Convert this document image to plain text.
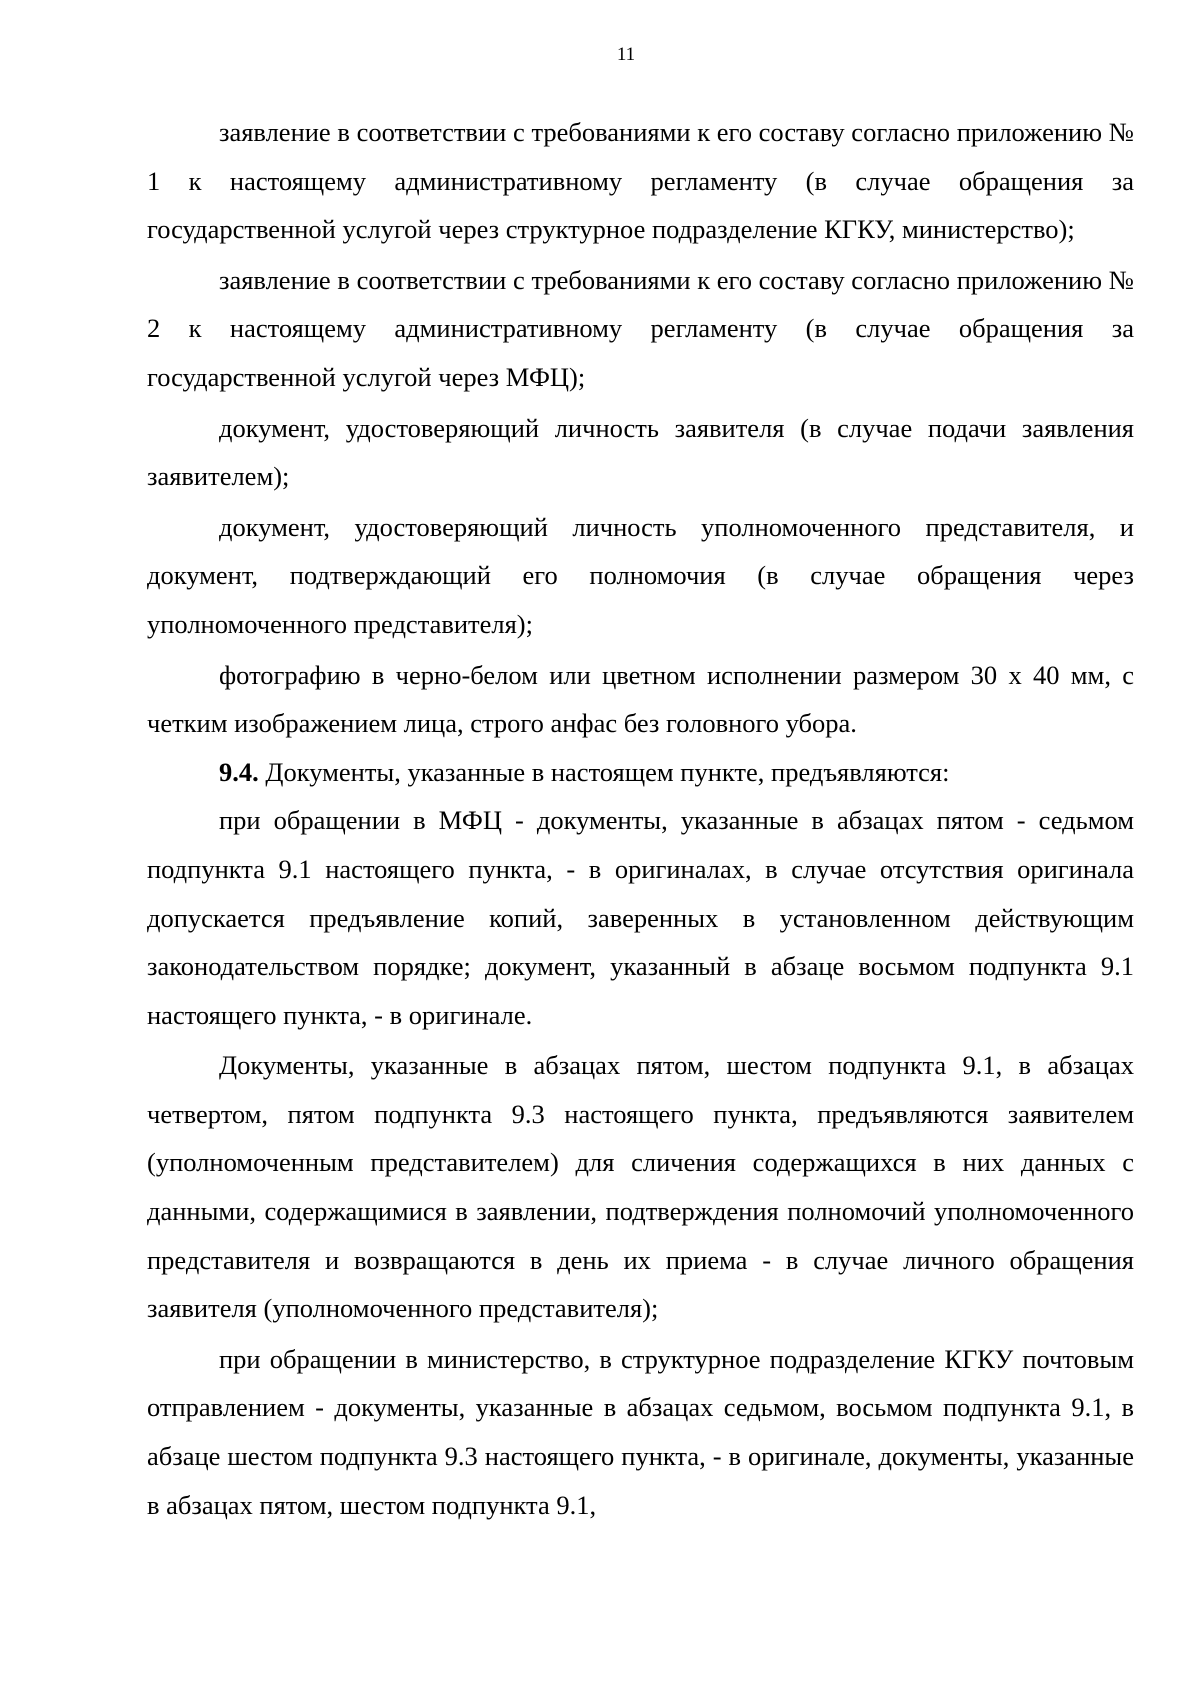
11

заявление в соответствии с требованиями к его составу согласно приложению № 1 к настоящему административному регламенту (в случае обращения за государственной услугой через структурное подразделение КГКУ, министерство);

заявление в соответствии с требованиями к его составу согласно приложению № 2 к настоящему административному регламенту (в случае обращения за государственной услугой через МФЦ);

документ, удостоверяющий личность заявителя (в случае подачи заявления заявителем);

документ, удостоверяющий личность уполномоченного представителя, и документ, подтверждающий его полномочия (в случае обращения через уполномоченного представителя);

фотографию в черно-белом или цветном исполнении размером 30 х 40 мм, с четким изображением лица, строго анфас без головного убора.

9.4. Документы, указанные в настоящем пункте, предъявляются:

при обращении в МФЦ - документы, указанные в абзацах пятом - седьмом подпункта 9.1 настоящего пункта, - в оригиналах, в случае отсутствия оригинала допускается предъявление копий, заверенных в установленном действующим законодательством порядке; документ, указанный в абзаце восьмом подпункта 9.1 настоящего пункта, - в оригинале.

Документы, указанные в абзацах пятом, шестом подпункта 9.1, в абзацах четвертом, пятом подпункта 9.3 настоящего пункта, предъявляются заявителем (уполномоченным представителем) для сличения содержащихся в них данных с данными, содержащимися в заявлении, подтверждения полномочий уполномоченного представителя и возвращаются в день их приема - в случае личного обращения заявителя (уполномоченного представителя);

при обращении в министерство, в структурное подразделение КГКУ почтовым отправлением - документы, указанные в абзацах седьмом, восьмом подпункта 9.1, в абзаце шестом подпункта 9.3 настоящего пункта, - в оригинале, документы, указанные в абзацах пятом, шестом подпункта 9.1,
